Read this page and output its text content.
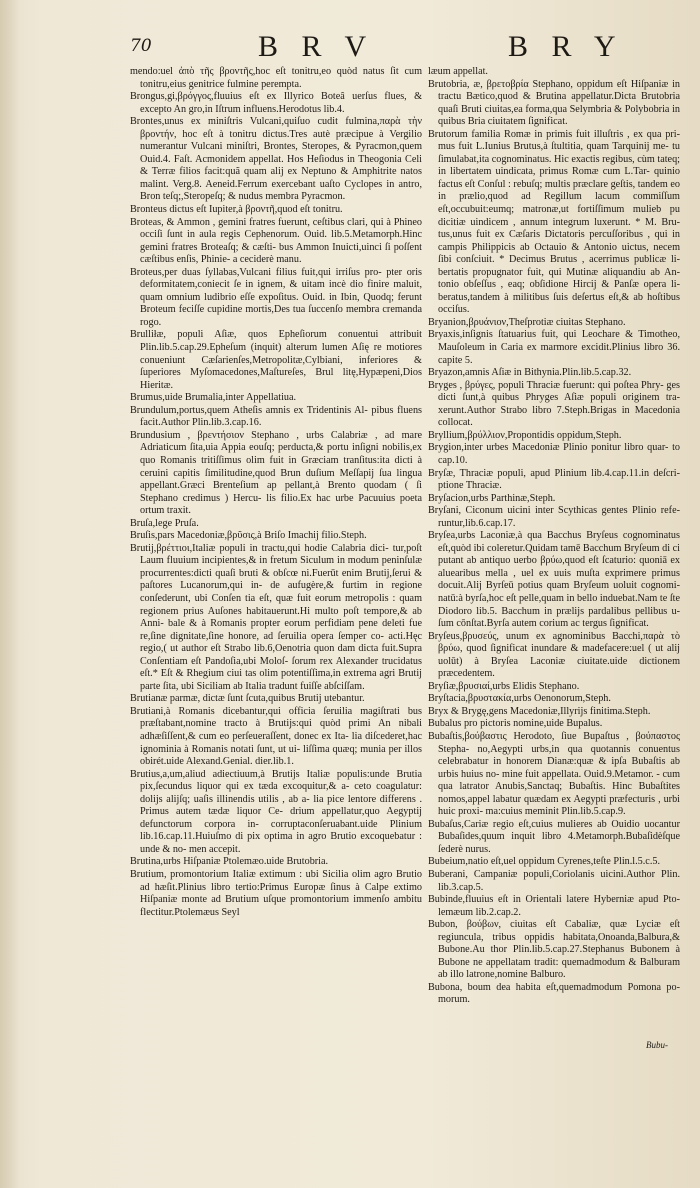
70	B R V	B R Y

mendo:uel ἀπὸ τῆς βροντῆς,hoc eſt tonitru,eo quòd natus ſit cum tonitru,eius genitrice fulmine perempta.

Brongus,gi,βρόγγος,fluuius eſt ex Illyrico Boteâ uerſus flues, & excepto An gro,in Iſtrum influens.Herodotus lib.4.

Brontes,unus ex miniſtris Vulcani,quiſuo cudit fulmina,παρὰ τὴν βροντήν, hoc eſt à tonitru dictus.Tres autè præcipue à Vergilio numerantur Vulcani miniſtri, Brontes, Steropes, & Pyracmon,quem Ouid.4. Faſt. Acmonidem appellat. Hos Heſiodus in Theogonia Celi & Terræ filios facit:quã quam alij ex Neptuno & Amphitrite natos malint. Verg.8. Aeneid.Ferrum exercebant uaſto Cyclopes in antro, Bron teſq;,Steropeſq; & nudus membra Pyracmon.

Bronteus dictus eſt Iupiter,à βροντῆ,quod eſt tonitru.

Broteas, & Ammon , gemini fratres fuerunt, ceſtibus clari, qui à Phineo occiſi ſunt in aula regis Cephenorum. Ouid. lib.5.Metamorph.Hinc gemini fratres Broteaſq; & cæſti- bus Ammon Inuicti,uinci ſi poſſent cæſtibus enſis, Phinie- a ceciderè manu.

Broteus,per duas ſyllabas,Vulcani filius fuit,qui irriſus pro- pter oris deformitatem,coniecit ſe in ignem, & uitam incè dio finire maluit, quam omnium ludibrio eſſe expoſitus. Ouid. in Ibin, Quodq; ferunt Broteum feciſſe cupidine mortis,Des tua ſuccenſo membra cremanda rogo.

Brulliłæ, populi Aſiæ, quos Epheſiorum conuentui attribuit Plin.lib.5.cap.29.Epheſum (inquit) alterum lumen Aſię re motiores conueniunt Cæſarienſes,Metropolitæ,Cylbiani, inferiores & ſuperiores Myſomacedones,Maſtureſes, Brul litę,Hypæpeni,Dios Hieritæ.

Brumus,uide Brumalia,inter Appellatiua.

Brundulum,portus,quem Atheſis amnis ex Tridentinis Al- pibus fluens facit.Author Plin.lib.3.cap.16.

Brundusium , βρεντήσιον Stephano , urbs Calabriæ , ad mare Adriaticum ſita,uia Appia eouſq; perducta,& portu inſigni nobilis,ex quo Romanis tritiſſimus olim fuit in Græciam tranſitus:ita dicti à ceruini capitis ſimilitudine,quod Brun duſium Meſſapij ſua lingua appellant.Græci Brenteſium ap pellant,à Brento quodam ( ſi Stephano credimus ) Hercu- lis filio.Ex hac urbe Pacuuius poeta ortum traxit.

Bruſa,lege Pruſa.

Bruſis,pars Macedoniæ,βρῦσις,à Briſo Imachij filio.Steph.

Brutij,βρέττιοι,Italiæ populi in tractu,qui hodie Calabria dici- tur,poſt Laum fluuium incipientes,& in fretum Siculum in modum peninſulæ procurrentes:dicti quaſi bruti & obſcœ ni.Fuerūt enim Brutij,ſerui & paſtores Lucanorum,qui in- de aufugère,& furtim in regione conſederunt, ubi Conſen tia eſt, quæ fuit eorum metropolis : quam regionem prius Auſones habitauerunt.Hi multo poſt tempore,& ab Anni- bale & à Romanis propter eorum perfidiam pene deleti fue re,ſine dignitate,ſine honore, ad ſeruilia opera ſemper co- acti.Hęc regio,( ut author eſt Strabo lib.6,Oenotria quon dam dicta fuit.Supra Conſentiam eſt Pandoſia,ubi Moloſ- ſorum rex Alexander trucidatus eſt.* Eſt & Rhegium ciui tas olim potentiſſima,in extrema agri Brutij parte ſita, ubi Siciliam ab Italia tradunt fuiſſe abſciſſam.

Brutianæ parmæ, dictæ ſunt ſcuta,quibus Brutij utebantur.

Brutiani,à Romanis dicebantur,qui officia ſeruilia magiſtrati bus præſtabant,nomine tracto à Brutijs:qui quòd primi An nibali adhæſiſſent,& cum eo perſeueraſſent, donec ex Ita- lia diſcederet,hac ignominia à Romanis notati ſunt, ut ui- liſſima quæq; munia per illos obirét.uide Alexand.Genial. dier.lib.1.

Brutius,a,um,aliud adiectiuum,à Brutijs Italiæ populis:unde Brutia pix,ſecundus liquor qui ex tæda excoquitur,& a- ceto coagulatur: dolijs alijſq; uaſis illinendis utilis , ab a- lia pice lentore differens . Primus autem tædæ liquor Ce- drium appellatur,quo Aegyptij defunctorum corpora in- corruptaconſeruabant.uide Plinium lib.16.cap.11.Huiuſmo di pix optima in agro Brutio excoquebatur : unde & no- men accepit.

Brutina,urbs Hiſpaniæ Ptolemæo.uide Brutobria.

Brutium, promontorium Italiæ extimum : ubi Sicilia olim agro Brutio ad hæſit.Plinius libro tertio:Primus Europæ ſinus à Calpe extimo Hiſpaniæ monte ad Brutium uſque promontorium immenſo ambitu flectitur.Ptolemæus Seyl

læum appellat.

Brutobria, æ, βρετοβρία Stephano, oppidum eſt Hiſpaniæ in tractu Bætico,quod & Brutina appellatur.Dicta Brutobria quaſi Bruti ciuitas,ea forma,qua Selymbria & Polybobria in quibus Bria ciuitatem ſignificat.

Brutorum familia Romæ in primis fuit illuſtris , ex qua pri- mus fuit L.Iunius Brutus,à ſtultitia, quam Tarquinij me- tu ſimulabat,ita cognominatus. Hic exactis regibus, cùm tateq; in libertatem uindicata, primus Romæ cum L.Tar- quinio factus eſt Conſul : rebuſq; multis præclare geſtis, tandem eo in prælio,quod ad Regillum lacum commiſſum eſt,occubuit:eumq; matronæ,ut fortiſſimum mulieb pu dicitiæ uindicem , annum integrum luxerunt. * M. Bru- tus,unus fuit ex Cæſaris Dictatoris percuſſoribus , qui in campis Philippicis ab Octauio & Antonio uictus, necem ſibi conſciuit. * Decimus Brutus , acerrimus publicæ li- bertatis propugnator fuit, qui Mutinæ aliquandiu ab An- tonio obſeſſus , eaq; obſidione Hircij & Panſæ opera li- beratus,tandem à militibus ſuis deſertus eſt,& ab hoſtibus occiſus.

Bryanion,βρυάνιον,Theſprotiæ ciuitas Stephano.

Bryaxis,inſignis ſtatuarius fuit, qui Leochare & Timotheo, Mauſoleum in Caria ex marmore excidit.Plinius libro 36. capite 5.

Bryazon,amnis Aſiæ in Bithynia.Plin.lib.5.cap.32.

Bryges , βρύγες, populi Thraciæ fuerunt: qui poſtea Phry- ges dicti ſunt,à quibus Phryges Aſiæ populi originem tra- xerunt.Author Strabo libro 7.Steph.Brigas in Macedonia collocat.

Bryllium,βρύλλιον,Propontidis oppidum,Steph.

Brygion,inter urbes Macedoniæ Plinio ponitur libro quar- to cap.10.

Bryſæ, Thraciæ populi, apud Plinium lib.4.cap.11.in deſcri- ptione Thraciæ.

Bryſacion,urbs Parthinæ,Steph.

Bryſani, Ciconum uicini inter Scythicas gentes Plinio refe- runtur,lib.6.cap.17.

Bryſea,urbs Laconiæ,à qua Bacchus Bryſeus cognominatus eſt,quòd ibi coleretur.Quidam tamē Bacchum Bryſeum di ci putant ab antiquo uerbo βρύω,quod eſt ſcaturio: quoniā ex aluearibus mella , uel ex uuis muſta exprimere primus docuit.Alij Byrſeū potius quam Bryſeum uoluit cognomi- natū:à byrſa,hoc eſt pelle,quam in bello induebat.Nam te ſte Diodoro lib.5. Bacchum in prælijs pardalibus pellibus u- ſum cōnſtat.Byrſa autem corium ac tergus ſignificat.

Bryſeus,βρυσεύς, unum ex agnominibus Bacchi,παρὰ τὸ βρύω, quod ſignificat inundare & madefacere:uel ( ut alij uolūt) à Bryſea Laconiæ ciuitate.uide dictionem præcedentem.

Bryſiæ,βρυσιαί,urbs Elidis Stephano.

Bryſtacia,βρυστακία,urbs Oenonorum,Steph.

Bryx & Brygę,gens Macedoniæ,Illyrijs finitima.Steph.

Bubalus pro pictoris nomine,uide Bupalus.

Bubaſtis,βούβαστις Herodoto, ſiue Bupaſtus , βούπαστος Stepha- no,Aegypti urbs,in qua quotannis conuentus celebrabatur in honorem Dianæ:quæ & ipſa Bubaſtis ab urbis huius no- mine fuit appellata. Ouid.9.Metamor. - cum qua latrator Anubis,Sanctaq; Bubaſtis. Hinc Bubaſtites nomos,appel labatur quædam ex Aegypti præfecturis , urbi huic proxi- ma:cuius meminit Plin.lib.5.cap.9.

Bubaſus,Cariæ regio eſt,cuius mulieres ab Ouidio uocantur Bubaſides,quum inquit libro 4.Metamorph.Bubaſidèſque ſederè nurus.

Bubeium,natio eſt,uel oppidum Cyrenes,teſte Plin.l.5.c.5.

Buberani, Campaniæ populi,Coriolanis uicini.Author Plin. lib.3.cap.5.

Bubinde,fluuius eſt in Orientali latere Hyberniæ apud Pto- lemæum lib.2.cap.2.

Bubon, βούβων, ciuitas eſt Cabaliæ, quæ Lyciæ eſt regiuncula, tribus oppidis habitata,Onoanda,Balbura,& Bubone.Au thor Plin.lib.5.cap.27.Stephanus Bubonem à Bubone ne appellatam tradit: quemadmodum & Balburam ab illo latrone,nomine Balburo.

Bubona, boum dea habita eſt,quemadmodum Pomona po- morum.

Bubu-
